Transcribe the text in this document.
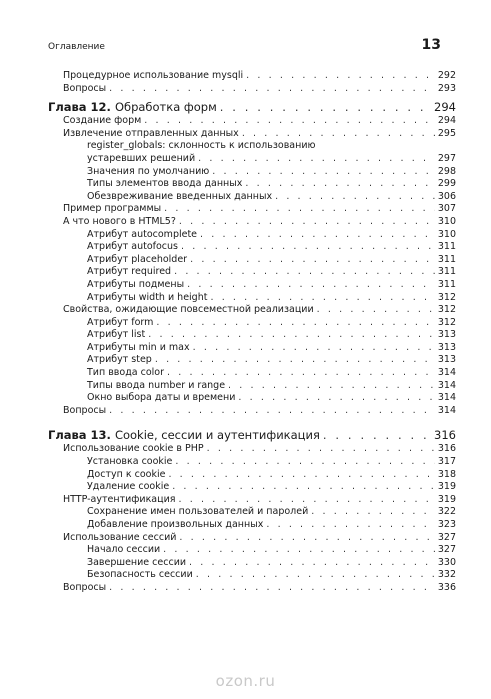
Оглавление	13
Процедурное использование mysqli . . .	292
Вопросы . . .	293
Глава 12. Обработка форм . . .	294
Создание форм . . .	294
Извлечение отправленных данных . . .	295
register_globals: склонность к использованию
устаревших решений . . .	297
Значения по умолчанию . . .	298
Типы элементов ввода данных . . .	299
Обезвреживание введенных данных . . .	306
Пример программы . . .	307
А что нового в HTML5? . . .	310
Атрибут autocomplete . . .	310
Атрибут autofocus . . .	311
Атрибут placeholder . . .	311
Атрибут required . . .	311
Атрибуты подмены . . .	311
Атрибуты width и height . . .	312
Свойства, ожидающие повсеместной реализации . . .	312
Атрибут form . . .	312
Атрибут list . . .	313
Атрибуты min и max . . .	313
Атрибут step . . .	313
Тип ввода color . . .	314
Типы ввода number и range . . .	314
Окно выбора даты и времени . . .	314
Вопросы . . .	314
Глава 13. Cookie, сессии и аутентификация . . .	316
Использование cookie в PHP . . .	316
Установка cookie . . .	317
Доступ к cookie . . .	318
Удаление cookie . . .	319
HTTP-аутентификация . . .	319
Сохранение имен пользователей и паролей . . .	322
Добавление произвольных данных . . .	323
Использование сессий . . .	327
Начало сессии . . .	327
Завершение сессии . . .	330
Безопасность сессии . . .	332
Вопросы . . .	336
ozon.ru
